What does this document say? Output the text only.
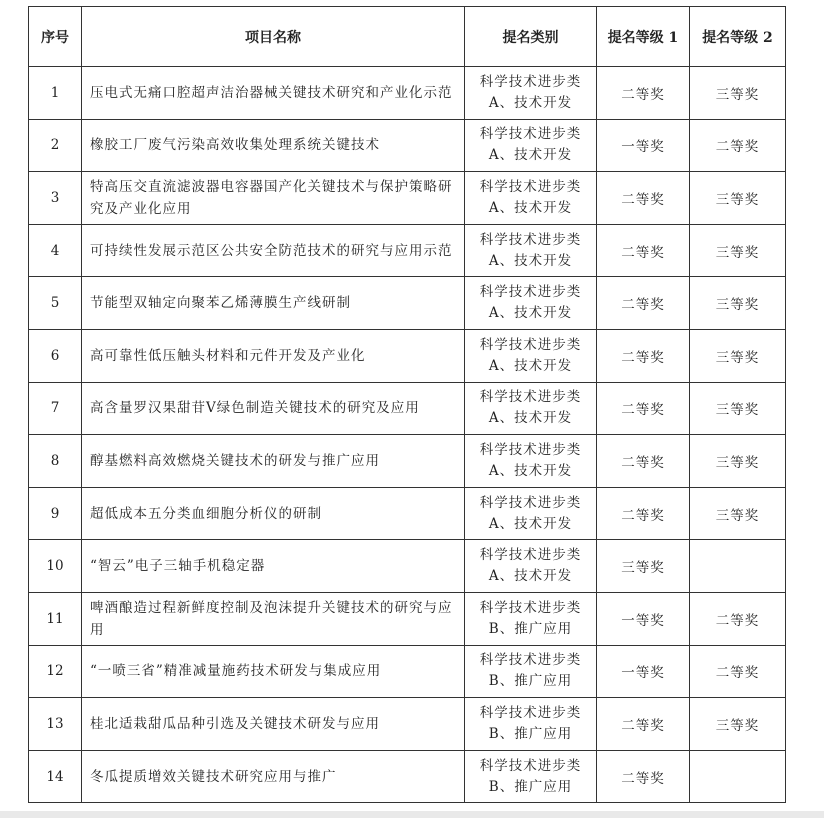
序号	项目名称	提名类别	提名等级 1	提名等级 2
1	压电式无痛口腔超声洁治器械关键技术研究和产业化示范	科学技术进步类
A、技术开发	二等奖	三等奖
2	橡胶工厂废气污染高效收集处理系统关键技术	科学技术进步类
A、技术开发	一等奖	二等奖
3	特高压交直流滤波器电容器国产化关键技术与保护策略研究及产业化应用	科学技术进步类
A、技术开发	二等奖	三等奖
4	可持续性发展示范区公共安全防范技术的研究与应用示范	科学技术进步类
A、技术开发	二等奖	三等奖
5	节能型双轴定向聚苯乙烯薄膜生产线研制	科学技术进步类
A、技术开发	二等奖	三等奖
6	高可靠性低压触头材料和元件开发及产业化	科学技术进步类
A、技术开发	二等奖	三等奖
7	高含量罗汉果甜苷V绿色制造关键技术的研究及应用	科学技术进步类
A、技术开发	二等奖	三等奖
8	醇基燃料高效燃烧关键技术的研发与推广应用	科学技术进步类
A、技术开发	二等奖	三等奖
9	超低成本五分类血细胞分析仪的研制	科学技术进步类
A、技术开发	二等奖	三等奖
10	“智云”电子三轴手机稳定器	科学技术进步类
A、技术开发	三等奖	
11	啤酒酿造过程新鲜度控制及泡沫提升关键技术的研究与应用	科学技术进步类
B、推广应用	一等奖	二等奖
12	“一喷三省”精准减量施药技术研发与集成应用	科学技术进步类
B、推广应用	一等奖	二等奖
13	桂北适栽甜瓜品种引选及关键技术研发与应用	科学技术进步类
B、推广应用	二等奖	三等奖
14	冬瓜提质增效关键技术研究应用与推广	科学技术进步类
B、推广应用	二等奖	
